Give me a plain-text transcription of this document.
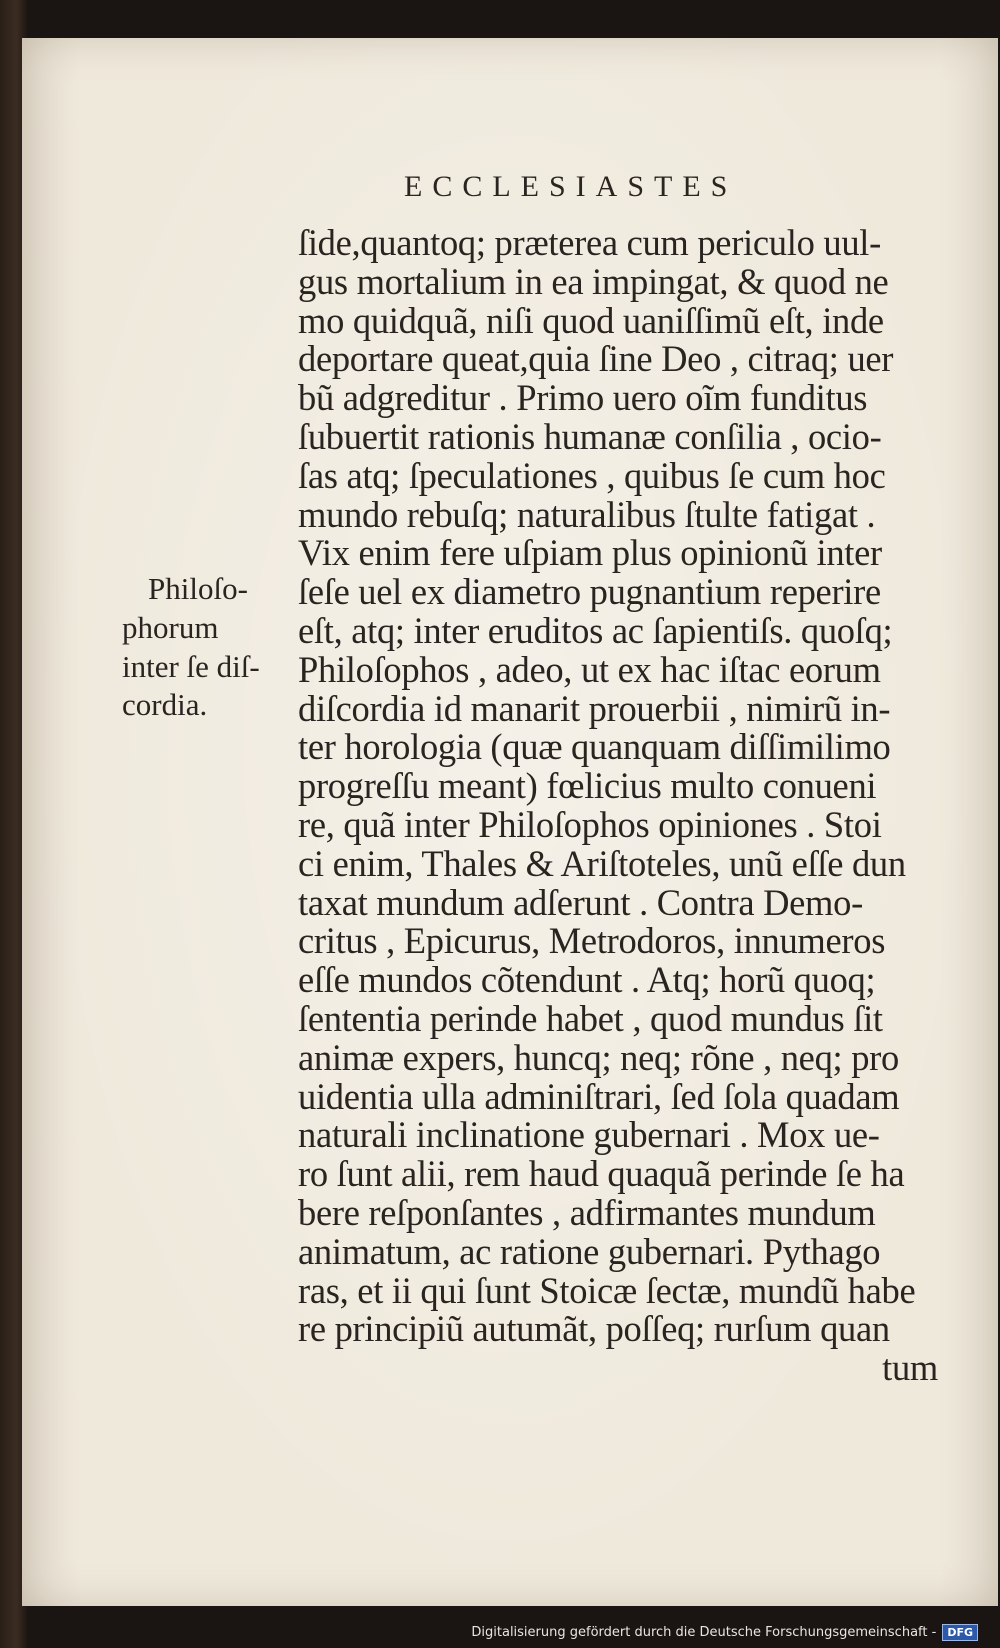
ECCLESIASTES
ſide,quantoq; præterea cum periculo uul-
gus mortalium in ea impingat, & quod ne
mo quidquã, niſi quod uaniſſimũ eſt, inde
deportare queat,quia ſine Deo , citraq; uer
bũ adgreditur . Primo uero oĩm funditus
ſubuertit rationis humanæ conſilia , ocio-
ſas atq; ſpeculationes , quibus ſe cum hoc
mundo rebuſq; naturalibus ſtulte fatigat .
Vix enim fere uſpiam plus opinionũ inter
ſeſe uel ex diametro pugnantium reperire
eſt, atq; inter eruditos ac ſapientiſs. quoſq;
Philoſophos , adeo, ut ex hac iſtac eorum
diſcordia id manarit prouerbii , nimirũ in-
ter horologia (quæ quanquam diſſimilimo
progreſſu meant) fœlicius multo conueni
re, quã inter Philoſophos opiniones . Stoi
ci enim, Thales & Ariſtoteles, unũ eſſe dun
taxat mundum adſerunt . Contra Demo-
critus , Epicurus, Metrodoros, innumeros
eſſe mundos cõtendunt . Atq; horũ quoq;
ſententia perinde habet , quod mundus ſit
animæ expers, huncq; neq; rõne , neq; pro
uidentia ulla adminiſtrari, ſed ſola quadam
naturali inclinatione gubernari . Mox ue-
ro ſunt alii, rem haud quaquã perinde ſe ha
bere reſponſantes , adfirmantes mundum
animatum, ac ratione gubernari. Pythago
ras, et ii qui ſunt Stoicæ ſectæ, mundũ habe
re principiũ autumãt, poſſeq; rurſum quan
tum
Philoſo-
phorum
inter ſe diſ-
cordia.
Digitalisierung gefördert durch die Deutsche Forschungsgemeinschaft -	DFG
